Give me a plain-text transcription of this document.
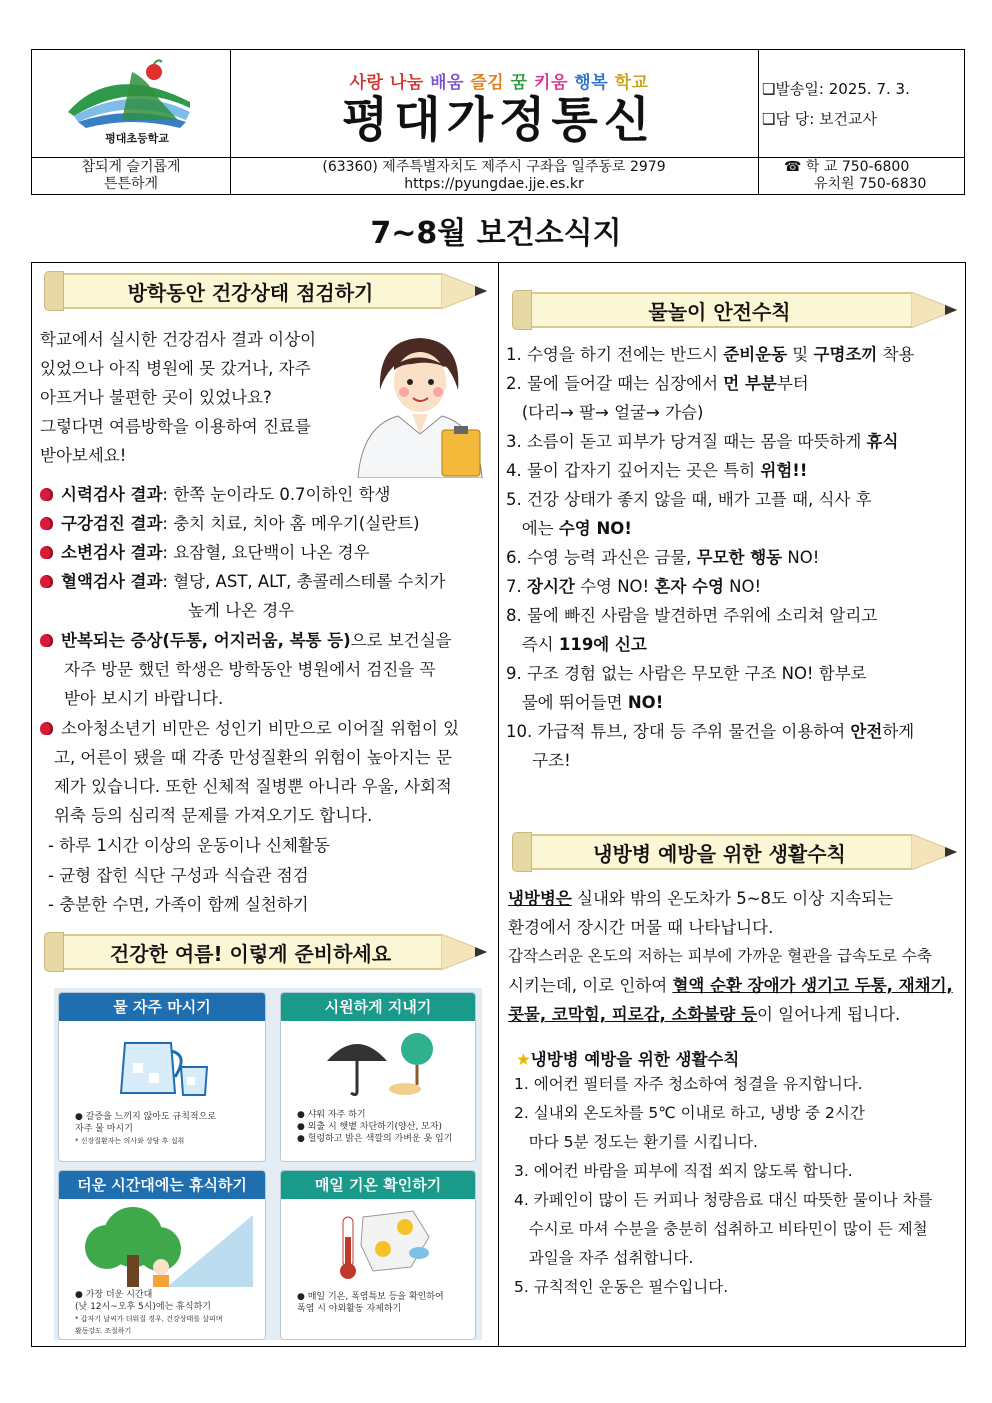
평대초등학교
사랑 나눔 배움 즐김 꿈 키움 행복 학교
평대가정통신
❑발송일: 2025. 7. 3.
❑담 당: 보건교사
참되게 슬기롭게
튼튼하게
(63360) 제주특별자치도 제주시 구좌읍 일주동로 2979
https://pyungdae.jje.es.kr
☎ 학 교 750-6800
유치원 750-6830
7~8월 보건소식지
방학동안 건강상태 점검하기
학교에서 실시한 건강검사 결과 이상이
있었으나 아직 병원에 못 갔거나, 자주
아프거나 불편한 곳이 있었나요?
그렇다면 여름방학을 이용하여 진료를
받아보세요!
시력검사 결과: 한쪽 눈이라도 0.7이하인 학생
구강검진 결과: 충치 치료, 치아 홈 메우기(실란트)
소변검사 결과: 요잠혈, 요단백이 나온 경우
혈액검사 결과: 혈당, AST, ALT, 총콜레스테롤 수치가
높게 나온 경우
반복되는 증상(두통, 어지러움, 복통 등)으로 보건실을
자주 방문 했던 학생은 방학동안 병원에서 검진을 꼭
받아 보시기 바랍니다.
소아청소년기 비만은 성인기 비만으로 이어질 위험이 있
고, 어른이 됐을 때 각종 만성질환의 위험이 높아지는 문
제가 있습니다. 또한 신체적 질병뿐 아니라 우울, 사회적
위축 등의 심리적 문제를 가져오기도 합니다.
- 하루 1시간 이상의 운동이나 신체활동
- 균형 잡힌 식단 구성과 식습관 점검
- 충분한 수면, 가족이 함께 실천하기
건강한 여름! 이렇게 준비하세요
물 자주 마시기
● 갈증을 느끼지 않아도 규칙적으로
자주 물 마시기
* 신장질환자는 의사와 상담 후 섭취
시원하게 지내기
● 샤워 자주 하기
● 외출 시 햇볕 차단하기(양산, 모자)
● 헐렁하고 밝은 색깔의 가벼운 옷 입기
더운 시간대에는 휴식하기
● 가장 더운 시간대
(낮 12시~오후 5시)에는 휴식하기
* 갑자기 날씨가 더워질 경우, 건강상태를 살피며
활동강도 조절하기
매일 기온 확인하기
● 매일 기온, 폭염특보 등을 확인하여
폭염 시 야외활동 자제하기
물놀이 안전수칙
1. 수영을 하기 전에는 반드시 준비운동 및 구명조끼 착용
2. 물에 들어갈 때는 심장에서 먼 부분부터
(다리→ 팔→ 얼굴→ 가슴)
3. 소름이 돋고 피부가 당겨질 때는 몸을 따뜻하게 휴식
4. 물이 갑자기 깊어지는 곳은 특히 위험!!
5. 건강 상태가 좋지 않을 때, 배가 고플 때, 식사 후
에는 수영 NO!
6. 수영 능력 과신은 금물, 무모한 행동 NO!
7. 장시간 수영 NO! 혼자 수영 NO!
8. 물에 빠진 사람을 발견하면 주위에 소리쳐 알리고
즉시 119에 신고
9. 구조 경험 없는 사람은 무모한 구조 NO! 함부로
물에 뛰어들면 NO!
10. 가급적 튜브, 장대 등 주위 물건을 이용하여 안전하게
구조!
냉방병 예방을 위한 생활수칙
냉방병은 실내와 밖의 온도차가 5~8도 이상 지속되는
환경에서 장시간 머물 때 나타납니다.
갑작스러운 온도의 저하는 피부에 가까운 혈관을 급속도로 수축
시키는데, 이로 인하여 혈액 순환 장애가 생기고 두통, 재채기,
콧물, 코막힘, 피로감, 소화불량 등이 일어나게 됩니다.
★냉방병 예방을 위한 생활수칙
1. 에어컨 필터를 자주 청소하여 청결을 유지합니다.
2. 실내외 온도차를 5℃ 이내로 하고, 냉방 중 2시간
마다 5분 정도는 환기를 시킵니다.
3. 에어컨 바람을 피부에 직접 쐬지 않도록 합니다.
4. 카페인이 많이 든 커피나 청량음료 대신 따뜻한 물이나 차를
수시로 마셔 수분을 충분히 섭취하고 비타민이 많이 든 제철
과일을 자주 섭취합니다.
5. 규칙적인 운동은 필수입니다.
